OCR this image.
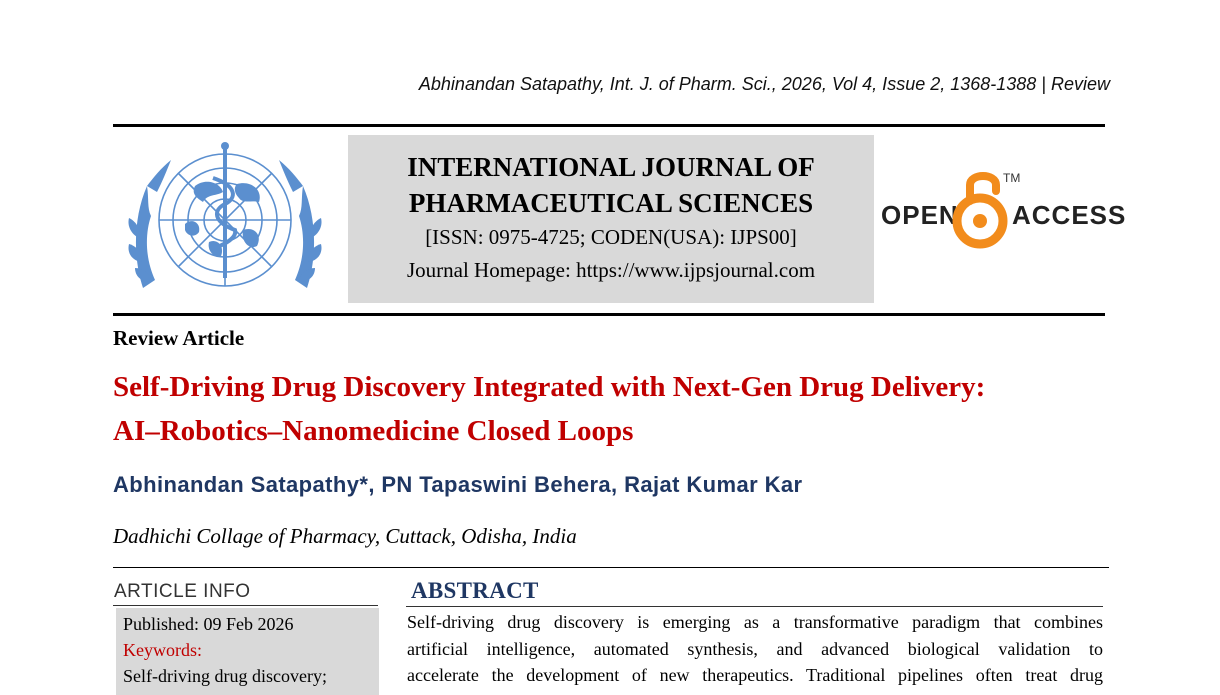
Abhinandan Satapathy, Int. J. of Pharm. Sci., 2026, Vol 4, Issue 2, 1368-1388 | Review
INTERNATIONAL JOURNAL OF
PHARMACEUTICAL SCIENCES
[ISSN: 0975-4725; CODEN(USA): IJPS00]
Journal Homepage: https://www.ijpsjournal.com
OPEN
TM
ACCESS
Review Article
Self-Driving Drug Discovery Integrated with Next-Gen Drug Delivery:
AI–Robotics–Nanomedicine Closed Loops
Abhinandan Satapathy*, PN Tapaswini Behera, Rajat Kumar Kar
Dadhichi Collage of Pharmacy, Cuttack, Odisha, India
ARTICLE INFO
Published: 09 Feb 2026
Keywords:
Self-driving drug discovery;
ABSTRACT
Self-driving drug discovery is emerging as a transformative paradigm that combines
artificial intelligence, automated synthesis, and advanced biological validation to
accelerate the development of new therapeutics. Traditional pipelines often treat drug
